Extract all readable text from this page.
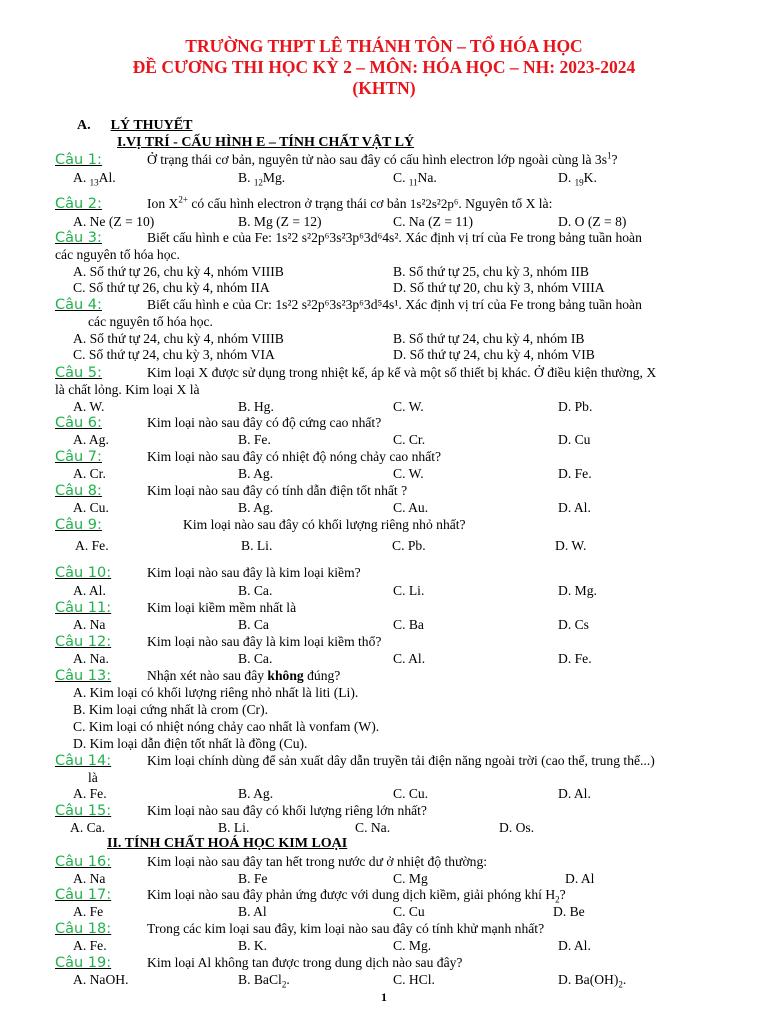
TRƯỜNG THPT LÊ THÁNH TÔN – TỔ HÓA HỌC
ĐỀ CƯƠNG THI HỌC KỲ 2 – MÔN: HÓA HỌC – NH: 2023-2024
(KHTN)
A. LÝ THUYẾT
I.VỊ TRÍ - CẤU HÌNH E – TÍNH CHẤT VẬT LÝ
Câu 1:	Ở trạng thái cơ bản, nguyên tử nào sau đây có cấu hình electron lớp ngoài cùng là $3s^1$?
A. $_{13}$Al.	B. $_{12}$Mg.	C. $_{11}$Na.	D. $_{19}$K.
Câu 2:	Ion $X^{2+}$ có cấu hình electron ở trạng thái cơ bản 1s²2s²2p⁶. Nguyên tố X là:
A. Ne (Z = 10)	B. Mg (Z = 12)	C. Na (Z = 11)	D. O (Z = 8)
Câu 3:	Biết cấu hình e của Fe: 1s²2 s²2p⁶3s²3p⁶3d⁶4s². Xác định vị trí của Fe trong bảng tuần hoàn
các nguyên tố hóa học.
A. Số thứ tự 26, chu kỳ 4, nhóm VIIIB	B. Số thứ tự 25, chu kỳ 3, nhóm IIB
C. Số thứ tự 26, chu kỳ 4, nhóm IIA	D. Số thứ tự 20, chu kỳ 3, nhóm VIIIA
Câu 4:	Biết cấu hình e của Cr: 1s²2 s²2p⁶3s²3p⁶3d⁵4s¹. Xác định vị trí của Fe trong bảng tuần hoàn
các nguyên tố hóa học.
A. Số thứ tự 24, chu kỳ 4, nhóm VIIIB	B. Số thứ tự 24, chu kỳ 4, nhóm IB
C. Số thứ tự 24, chu kỳ 3, nhóm VIA	D. Số thứ tự 24, chu kỳ 4, nhóm VIB
Câu 5:	Kim loại X được sử dụng trong nhiệt kế, áp kế và một số thiết bị khác. Ở điều kiện thường, X
là chất lỏng. Kim loại X là
A. W.	B. Hg.	C. W.	D. Pb.
Câu 6:	Kim loại nào sau đây có độ cứng cao nhất?
A. Ag.	B. Fe.	C. Cr.	D. Cu
Câu 7:	Kim loại nào sau đây có nhiệt độ nóng chảy cao nhất?
A. Cr.	B. Ag.	C. W.	D. Fe.
Câu 8:	Kim loại nào sau đây có tính dẫn điện tốt nhất ?
A. Cu.	B. Ag.	C. Au.	D. Al.
Câu 9:	Kim loại nào sau đây có khối lượng riêng nhỏ nhất?
A. Fe.	B. Li.	C. Pb.	D. W.
Câu 10:	Kim loại nào sau đây là kim loại kiềm?
A. Al.	B. Ca.	C. Li.	D. Mg.
Câu 11:	Kim loại kiềm mềm nhất là
A. Na	B. Ca	C. Ba	D. Cs
Câu 12:	Kim loại nào sau đây là kim loại kiềm thổ?
A. Na.	B. Ca.	C. Al.	D. Fe.
Câu 13:	Nhận xét nào sau đây không đúng?
A. Kim loại có khối lượng riêng nhỏ nhất là liti (Li).
B. Kim loại cứng nhất là crom (Cr).
C. Kim loại có nhiệt nóng chảy cao nhất là vonfam (W).
D. Kim loại dẫn điện tốt nhất là đồng (Cu).
Câu 14:	Kim loại chính dùng để sản xuất dây dẫn truyền tải điện năng ngoài trời (cao thế, trung thế...)
là
A. Fe.	B. Ag.	C. Cu.	D. Al.
Câu 15:	Kim loại nào sau đây có khối lượng riêng lớn nhất?
A. Ca.	B. Li.	C. Na.	D. Os.
II. TÍNH CHẤT HOÁ HỌC KIM LOẠI
Câu 16:	Kim loại nào sau đây tan hết trong nước dư ở nhiệt độ thường:
A. Na	B. Fe	C. Mg	D. Al
Câu 17:	Kim loại nào sau đây phản ứng được với dung dịch kiềm, giải phóng khí $H_2$?
A. Fe	B. Al	C. Cu	D. Be
Câu 18:	Trong các kim loại sau đây, kim loại nào sau đây có tính khử mạnh nhất?
A. Fe.	B. K.	C. Mg.	D. Al.
Câu 19:	Kim loại Al không tan được trong dung dịch nào sau đây?
A. NaOH.	B. BaCl$_2$.	C. HCl.	D. $Ba(OH)_2$.
1
